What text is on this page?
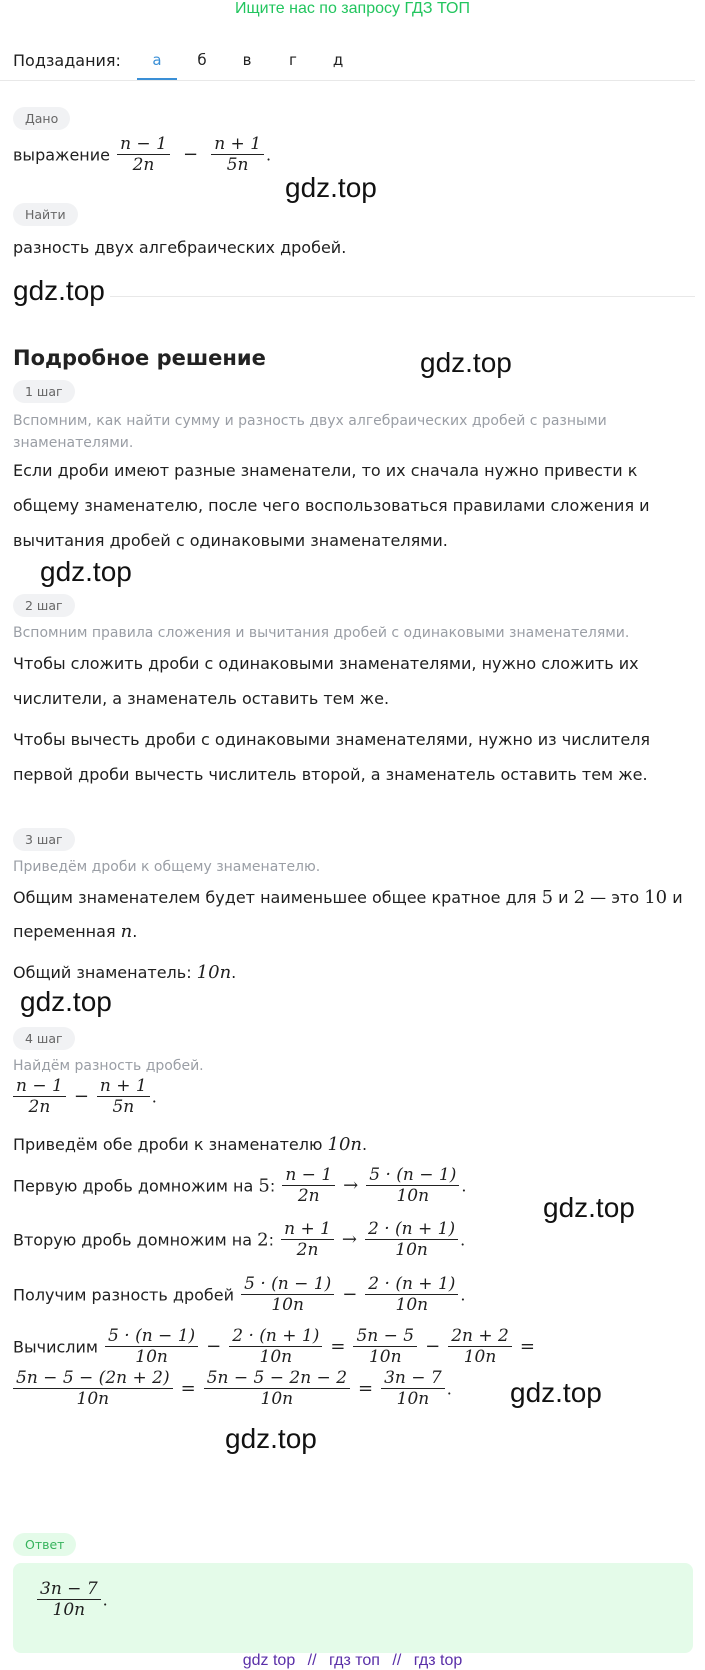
Ищите нас по запросу ГДЗ ТОП
Подзадания:	а	б	в	г	д
Дано
выражение $\frac{n - 1}{2n} - \frac{n + 1}{5n}$ .
gdz.top
Найти
разность двух алгебраических дробей.
gdz.top
Подробное решение	gdz.top
1 шаг
Вспомним, как найти сумму и разность двух алгебраических дробей с разными знаменателями.
Если дроби имеют разные знаменатели, то их сначала нужно привести к
общему знаменателю, после чего воспользоваться правилами сложения и
вычитания дробей с одинаковыми знаменателями.
gdz.top
2 шаг
Вспомним правила сложения и вычитания дробей с одинаковыми знаменателями.
Чтобы сложить дроби с одинаковыми знаменателями, нужно сложить их
числители, а знаменатель оставить тем же.
Чтобы вычесть дроби с одинаковыми знаменателями, нужно из числителя
первой дроби вычесть числитель второй, а знаменатель оставить тем же.
3 шаг
Приведём дроби к общему знаменателю.
Общим знаменателем будет наименьшее общее кратное для 5 и 2 — это 10 и
переменная n.
Общий знаменатель: 10n.
gdz.top
4 шаг
Найдём разность дробей.
$\frac{n - 1}{2n} - \frac{n + 1}{5n}$ .
Приведём обе дроби к знаменателю 10n.
Первую дробь домножим на 5: $\frac{n - 1}{2n} \to \frac{5 \cdot (n - 1)}{10n}$ .
gdz.top
Вторую дробь домножим на 2: $\frac{n + 1}{2n} \to \frac{2 \cdot (n + 1)}{10n}$ .
Получим разность дробей $\frac{5 \cdot (n - 1)}{10n} - \frac{2 \cdot (n + 1)}{10n}$ .
Вычислим $\frac{5 \cdot (n - 1)}{10n} - \frac{2 \cdot (n + 1)}{10n} = \frac{5n - 5}{10n} - \frac{2n + 2}{10n}$ =
$\frac{5n - 5 - (2n + 2)}{10n} = \frac{5n - 5 - 2n - 2}{10n} = \frac{3n - 7}{10n}$ . gdz.top
gdz.top
Ответ
$\frac{3n - 7}{10n}$ .
gdz top // гдз топ // гдз top
